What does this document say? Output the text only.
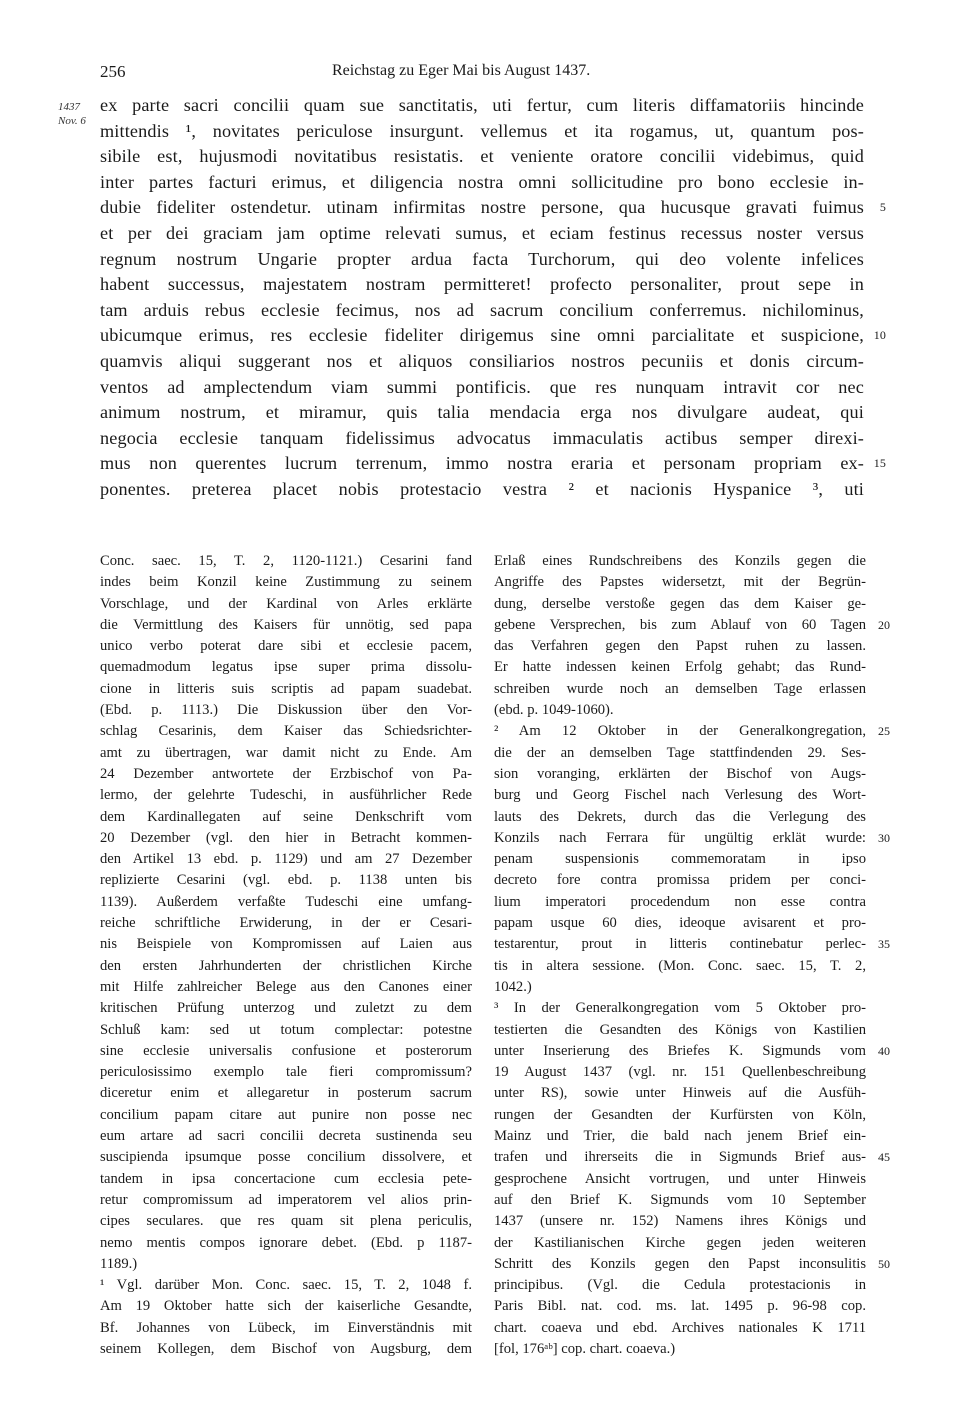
256	Reichstag zu Eger Mai bis August 1437.
1437
Nov. 6
ex parte sacri concilii quam sue sanctitatis, uti fertur, cum literis diffamatoriis hincinde
mittendis ¹, novitates periculose insurgunt. vellemus et ita rogamus, ut, quantum pos-
sibile est, hujusmodi novitatibus resistatis. et veniente oratore concilii videbimus, quid
inter partes facturi erimus, et diligencia nostra omni sollicitudine pro bono ecclesie in-
dubie fideliter ostendetur. utinam infirmitas nostre persone, qua hucusque gravati fuimus 5
et per dei graciam jam optime relevati sumus, et eciam festinus recessus noster versus
regnum nostrum Ungarie propter ardua facta Turchorum, qui deo volente infelices
habent successus, majestatem nostram permitteret! profecto personaliter, prout sepe in
tam arduis rebus ecclesie fecimus, nos ad sacrum concilium conferremus. nichilominus,
ubicumque erimus, res ecclesie fideliter dirigemus sine omni parcialitate et suspicione, 10
quamvis aliqui suggerant nos et aliquos consiliarios nostros pecuniis et donis circum-
ventos ad amplectendum viam summi pontificis. que res nunquam intravit cor nec
animum nostrum, et miramur, quis talia mendacia erga nos divulgare audeat, qui
negocia ecclesie tanquam fidelissimus advocatus immaculatis actibus semper direxi-
mus non querentes lucrum terrenum, immo nostra eraria et personam propriam ex- 15
ponentes. preterea placet nobis protestacio vestra ² et nacionis Hyspanice ³, uti
Conc. saec. 15, T. 2, 1120-1121.) Cesarini fand
indes beim Konzil keine Zustimmung zu seinem
Vorschlage, und der Kardinal von Arles erklärte
die Vermittlung des Kaisers für unnötig, sed papa
unico verbo poterat dare sibi et ecclesie pacem,
quemadmodum legatus ipse super prima dissolu-
cione in litteris suis scriptis ad papam suadebat.
(Ebd. p. 1113.) Die Diskussion über den Vor-
schlag Cesarinis, dem Kaiser das Schiedsrichter-
amt zu übertragen, war damit nicht zu Ende. Am
24 Dezember antwortete der Erzbischof von Pa-
lermo, der gelehrte Tudeschi, in ausführlicher Rede
dem Kardinallegaten auf seine Denkschrift vom
20 Dezember (vgl. den hier in Betracht kommen-
den Artikel 13 ebd. p. 1129) und am 27 Dezember
replizierte Cesarini (vgl. ebd. p. 1138 unten bis
1139). Außerdem verfaßte Tudeschi eine umfang-
reiche schriftliche Erwiderung, in der er Cesari-
nis Beispiele von Kompromissen auf Laien aus
den ersten Jahrhunderten der christlichen Kirche
mit Hilfe zahlreicher Belege aus den Canones einer
kritischen Prüfung unterzog und zuletzt zu dem
Schluß kam: sed ut totum complectar: potestne
sine ecclesie universalis confusione et posterorum
periculosissimo exemplo tale fieri compromissum?
diceretur enim et allegaretur in posterum sacrum
concilium papam citare aut punire non posse nec
eum artare ad sacri concilii decreta sustinenda seu
suscipienda ipsumque posse concilium dissolvere, et
tandem in ipsa concertacione cum ecclesia pete-
retur compromissum ad imperatorem vel alios prin-
cipes seculares. que res quam sit plena periculis,
nemo mentis compos ignorare debet. (Ebd. p 1187-
1189.)
¹ Vgl. darüber Mon. Conc. saec. 15, T. 2, 1048 f.
Am 19 Oktober hatte sich der kaiserliche Gesandte,
Bf. Johannes von Lübeck, im Einverständnis mit
seinem Kollegen, dem Bischof von Augsburg, dem
Erlaß eines Rundschreibens des Konzils gegen die
Angriffe des Papstes widersetzt, mit der Begrün-
dung, derselbe verstoße gegen das dem Kaiser ge-
gebene Versprechen, bis zum Ablauf von 60 Tagen 20
das Verfahren gegen den Papst ruhen zu lassen.
Er hatte indessen keinen Erfolg gehabt; das Rund-
schreiben wurde noch an demselben Tage erlassen
(ebd. p. 1049-1060).
² Am 12 Oktober in der Generalkongregation, 25
die der an demselben Tage stattfindenden 29. Ses-
sion voranging, erklärten der Bischof von Augs-
burg und Georg Fischel nach Verlesung des Wort-
lauts des Dekrets, durch das die Verlegung des
Konzils nach Ferrara für ungültig erklät wurde: 30
penam suspensionis commemoratam in ipso
decreto fore contra promissa pridem per conci-
lium imperatori procedendum non esse contra
papam usque 60 dies, ideoque avisarent et pro-
testarentur, prout in litteris continebatur perlec- 35
tis in altera sessione. (Mon. Conc. saec. 15, T. 2,
1042.)
³ In der Generalkongregation vom 5 Oktober pro-
testierten die Gesandten des Königs von Kastilien
unter Inserierung des Briefes K. Sigmunds vom 40
19 August 1437 (vgl. nr. 151 Quellenbeschreibung
unter RS), sowie unter Hinweis auf die Ausfüh-
rungen der Gesandten der Kurfürsten von Köln,
Mainz und Trier, die bald nach jenem Brief ein-
trafen und ihrerseits die in Sigmunds Brief aus- 45
gesprochene Ansicht vortrugen, und unter Hinweis
auf den Brief K. Sigmunds vom 10 September
1437 (unsere nr. 152) Namens ihres Königs und
der Kastilianischen Kirche gegen jeden weiteren
Schritt des Konzils gegen den Papst inconsulitis 50
principibus. (Vgl. die Cedula protestacionis in
Paris Bibl. nat. cod. ms. lat. 1495 p. 96-98 cop.
chart. coaeva und ebd. Archives nationales K 1711
[fol, 176ᵃᵇ] cop. chart. coaeva.)
